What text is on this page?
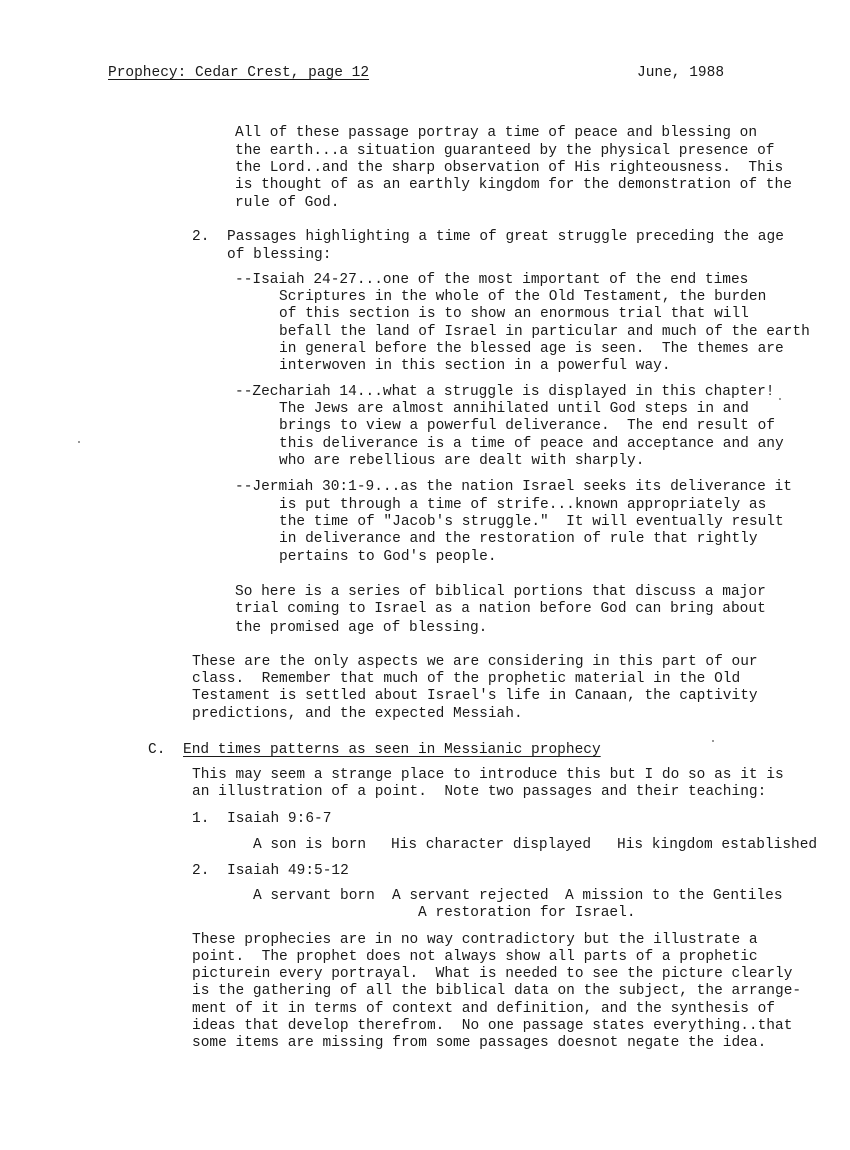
Prophecy: Cedar Crest, page 12	June, 1988
All of these passage portray a time of peace and blessing on
the earth...a situation guaranteed by the physical presence of
the Lord..and the sharp observation of His righteousness.  This
is thought of as an earthly kingdom for the demonstration of the
rule of God.
2. Passages highlighting a time of great struggle preceding the age
of blessing:
--Isaiah 24-27...one of the most important of the end times
Scriptures in the whole of the Old Testament, the burden
of this section is to show an enormous trial that will
befall the land of Israel in particular and much of the earth
in general before the blessed age is seen.  The themes are
interwoven in this section in a powerful way.
--Zechariah 14...what a struggle is displayed in this chapter!
The Jews are almost annihilated until God steps in and
brings to view a powerful deliverance.  The end result of
this deliverance is a time of peace and acceptance and any
who are rebellious are dealt with sharply.
--Jermiah 30:1-9...as the nation Israel seeks its deliverance it
is put through a time of strife...known appropriately as
the time of "Jacob's struggle."  It will eventually result
in deliverance and the restoration of rule that rightly
pertains to God's people.
So here is a series of biblical portions that discuss a major
trial coming to Israel as a nation before God can bring about
the promised age of blessing.
These are the only aspects we are considering in this part of our
class.  Remember that much of the prophetic material in the Old
Testament is settled about Israel's life in Canaan, the captivity
predictions, and the expected Messiah.
C. End times patterns as seen in Messianic prophecy
This may seem a strange place to introduce this but I do so as it is
an illustration of a point.  Note two passages and their teaching:
1. Isaiah 9:6-7
A son is born His character displayed His kingdom established
2. Isaiah 49:5-12
A servant born A servant rejected A mission to the Gentiles
A restoration for Israel.
These prophecies are in no way contradictory but the illustrate a
point.  The prophet does not always show all parts of a prophetic
picturein every portrayal.  What is needed to see the picture clearly
is the gathering of all the biblical data on the subject, the arrange-
ment of it in terms of context and definition, and the synthesis of
ideas that develop therefrom.  No one passage states everything..that
some items are missing from some passages doesnot negate the idea.
